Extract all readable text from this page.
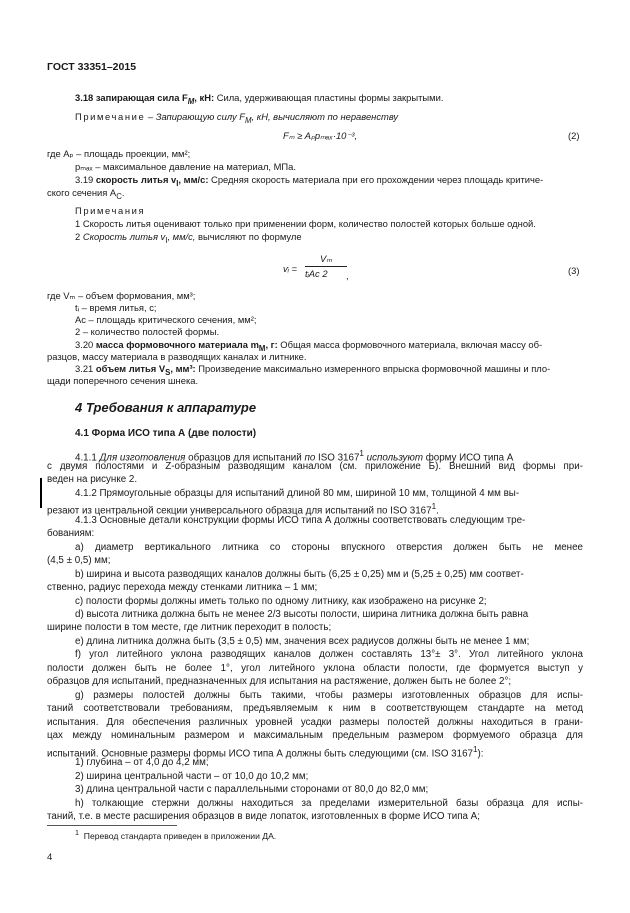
ГОСТ 33351–2015
3.18 запирающая сила $F_M$, кН: Сила, удерживающая пластины формы закрытыми.
Примечание – Запирающую силу $F_M$, кН, вычисляют по неравенству
Fₘ ≥ Aₚpₘₐₓ·10⁻³,	(2)
где Aₚ – площадь проекции, мм²;
pₘₐₓ – максимальное давление на материал, МПа.
3.19 скорость литья $v_I$, мм/с: Средняя скорость материала при его прохождении через площадь критиче-
ского сечения $A_C$.
Примечания
1 Скорость литья оценивают только при применении форм, количество полостей которых больше одной.
2 Скорость литья $v_I$, мм/с, вычисляют по формуле
vᵢ =
Vₘ
tᵢAᴄ 2	,	(3)
где Vₘ – объем формования, мм³;
tᵢ – время литья, с;
Aᴄ – площадь критического сечения, мм²;
2 – количество полостей формы.
3.20 масса формовочного материала $m_M$, г: Общая масса формовочного материала, включая массу об-
разцов, массу материала в разводящих каналах и литнике.
3.21 объем литья $V_S$, мм³: Произведение максимально измеренного впрыска формовочной машины и пло-
щади поперечного сечения шнека.
4 Требования к аппаратуре
4.1 Форма ИСО типа А (две полости)
4.1.1 Для изготовления образцов для испытаний по ISO 3167$^1$ используют форму ИСО типа А
с двумя полостями и Z-образным разводящим каналом (см. приложение Б). Внешний вид формы при-
веден на рисунке 2.
4.1.2 Прямоугольные образцы для испытаний длиной 80 мм, шириной 10 мм, толщиной 4 мм вы-
резают из центральной секции универсального образца для испытаний по ISO 3167$^1$.
4.1.3 Основные детали конструкции формы ИСО типа А должны соответствовать следующим тре-
бованиям:
a) диаметр вертикального литника со стороны впускного отверстия должен быть не менее
(4,5 ± 0,5) мм;
b) ширина и высота разводящих каналов должны быть (6,25 ± 0,25) мм и (5,25 ± 0,25) мм соответ-
ственно, радиус перехода между стенками литника – 1 мм;
c) полости формы должны иметь только по одному литнику, как изображено на рисунке 2;
d) высота литника должна быть не менее 2/3 высоты полости, ширина литника должна быть равна
ширине полости в том месте, где литник переходит в полость;
e) длина литника должна быть (3,5 ± 0,5) мм, значения всех радиусов должны быть не менее 1 мм;
f) угол литейного уклона разводящих каналов должен составлять 13°± 3°. Угол литейного уклона
полости должен быть не более 1°, угол литейного уклона области полости, где формуется выступ у
образцов для испытаний, предназначенных для испытания на растяжение, должен быть не более 2°;
g) размеры полостей должны быть такими, чтобы размеры изготовленных образцов для испы-
таний соответствовали требованиям, предъявляемым к ним в соответствующем стандарте на метод
испытания. Для обеспечения различных уровней усадки размеры полостей должны находиться в грани-
цах между номинальным размером и максимальным предельным размером формуемого образца для
испытаний. Основные размеры формы ИСО типа А должны быть следующими (см. ISO 3167$^1$):
1) глубина – от 4,0 до 4,2 мм;
2) ширина центральной части – от 10,0 до 10,2 мм;
3) длина центральной части с параллельными сторонами от 80,0 до 82,0 мм;
h) толкающие стержни должны находиться за пределами измерительной базы образца для испы-
таний, т.е. в месте расширения образцов в виде лопаток, изготовленных в форме ИСО типа А;
$^1$ Перевод стандарта приведен в приложении ДА.
4
